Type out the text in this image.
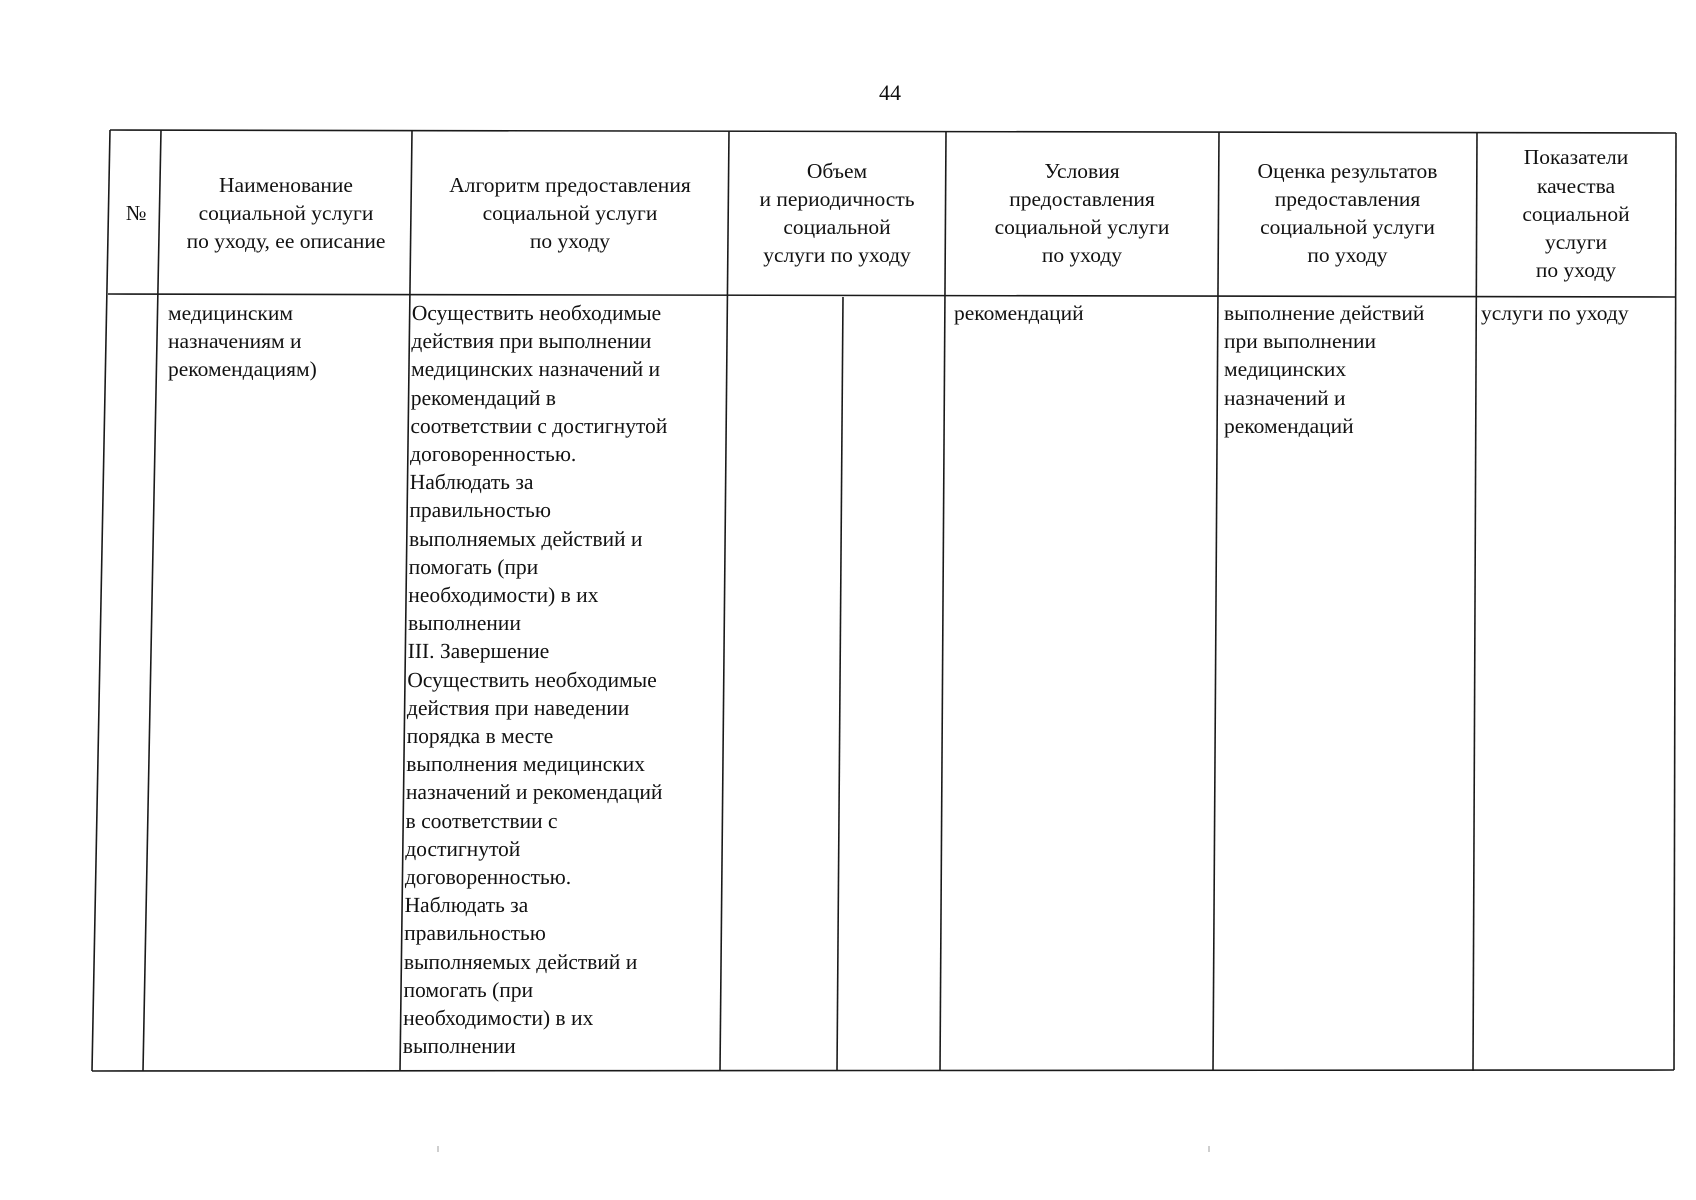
44
№
Наименование
социальной услуги
по уходу, ее описание
Алгоритм предоставления
социальной услуги
по уходу
Объем
и периодичность
социальной
услуги по уходу
Условия
предоставления
социальной услуги
по уходу
Оценка результатов
предоставления
социальной услуги
по уходу
Показатели
качества
социальной
услуги
по уходу
медицинским
назначениям и
рекомендациям)
Осуществить необходимые
действия при выполнении
медицинских назначений и
рекомендаций в
соответствии с достигнутой
договоренностью.
Наблюдать за
правильностью
выполняемых действий и
помогать (при
необходимости) в их
выполнении
III. Завершение
Осуществить необходимые
действия при наведении
порядка в месте
выполнения медицинских
назначений и рекомендаций
в соответствии с
достигнутой
договоренностью.
Наблюдать за
правильностью
выполняемых действий и
помогать (при
необходимости) в их
выполнении
рекомендаций	выполнение действий
при выполнении
медицинских
назначений и
рекомендаций
услуги по уходу
